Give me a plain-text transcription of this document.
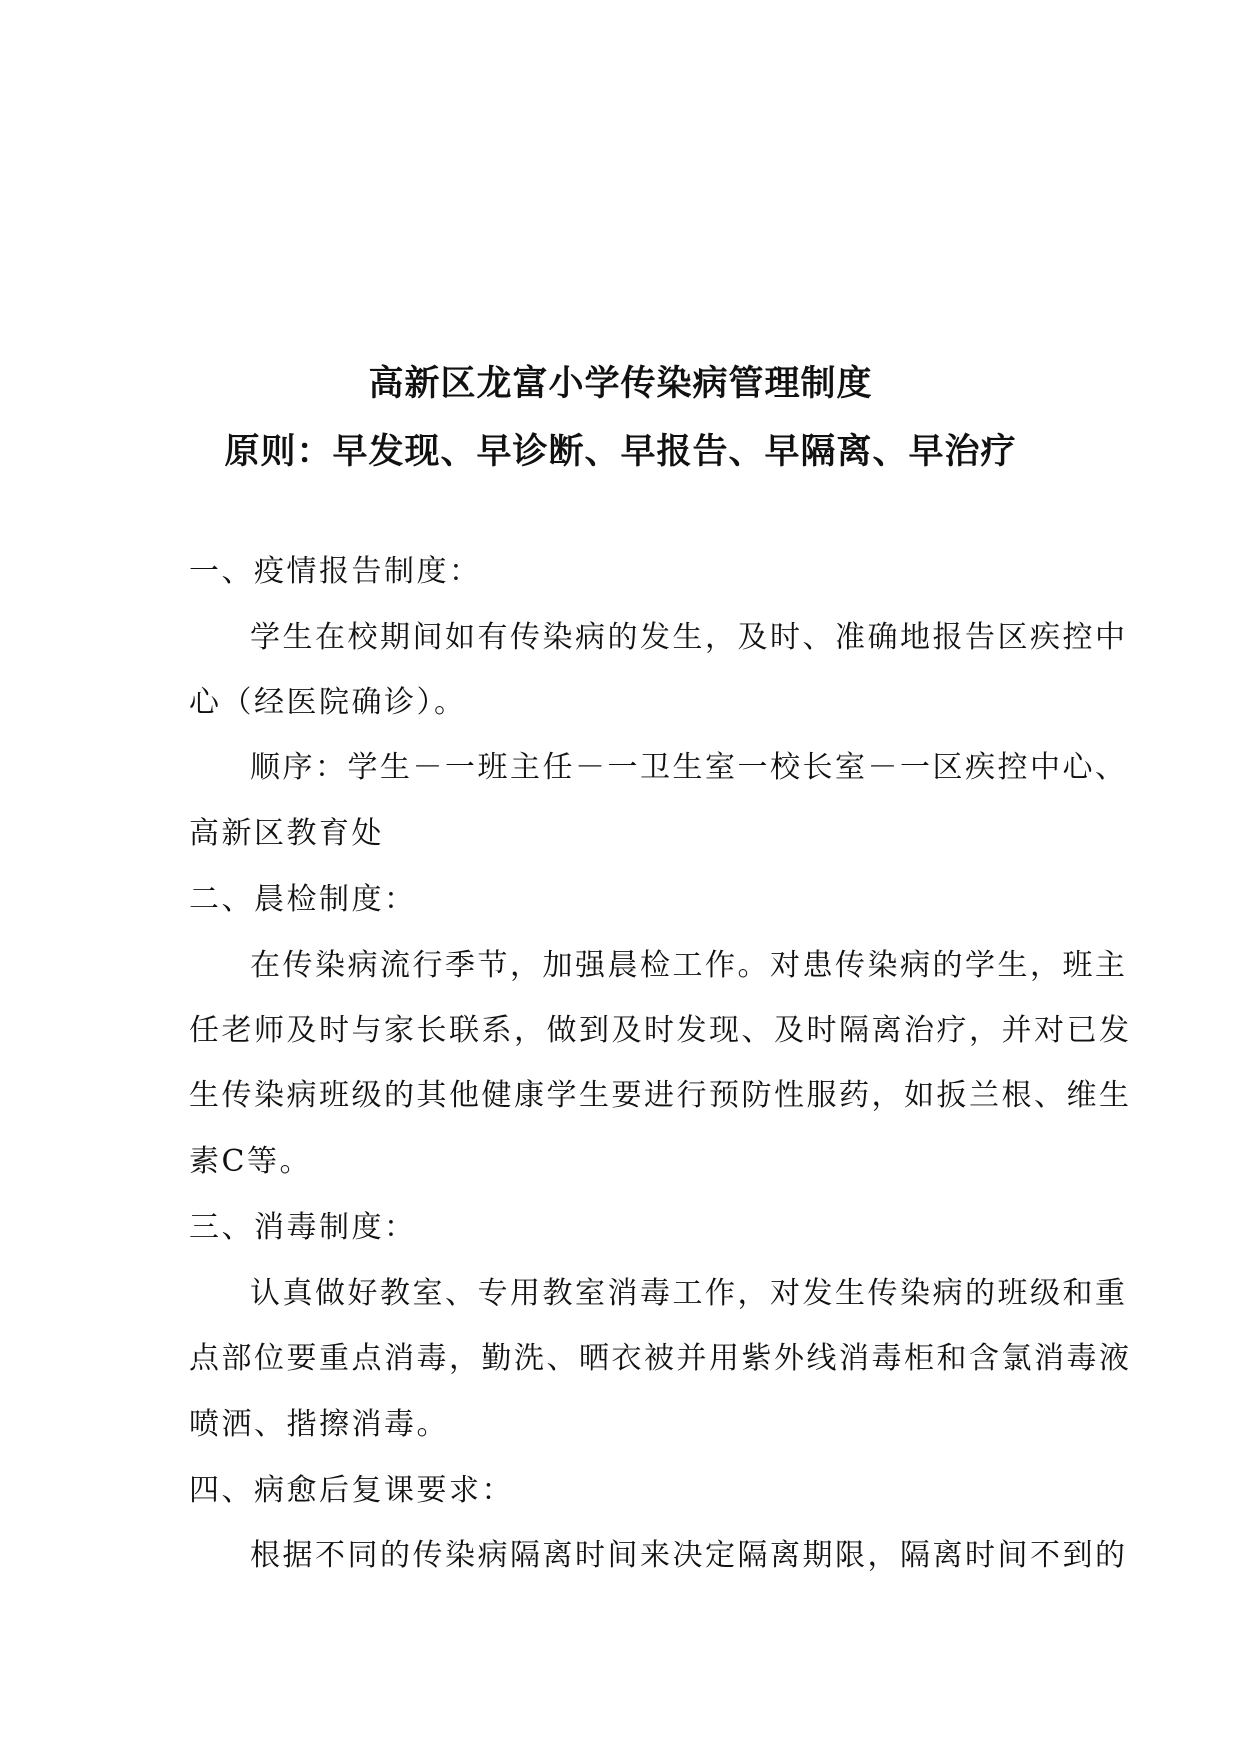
高新区龙富小学传染病管理制度
原则：早发现、早诊断、早报告、早隔离、早治疗
一、疫情报告制度：
学生在校期间如有传染病的发生，及时、准确地报告区疾控中
心（经医院确诊）。
顺序：学生－一班主任－一卫生室一校长室－一区疾控中心、
高新区教育处
二、晨检制度：
在传染病流行季节，加强晨检工作。对患传染病的学生，班主
任老师及时与家长联系，做到及时发现、及时隔离治疗，并对已发
生传染病班级的其他健康学生要进行预防性服药，如扳兰根、维生
素C等。
三、消毒制度：
认真做好教室、专用教室消毒工作，对发生传染病的班级和重
点部位要重点消毒，勤洗、晒衣被并用紫外线消毒柜和含氯消毒液
喷洒、揩擦消毒。
四、病愈后复课要求：
根据不同的传染病隔离时间来决定隔离期限，隔离时间不到的
